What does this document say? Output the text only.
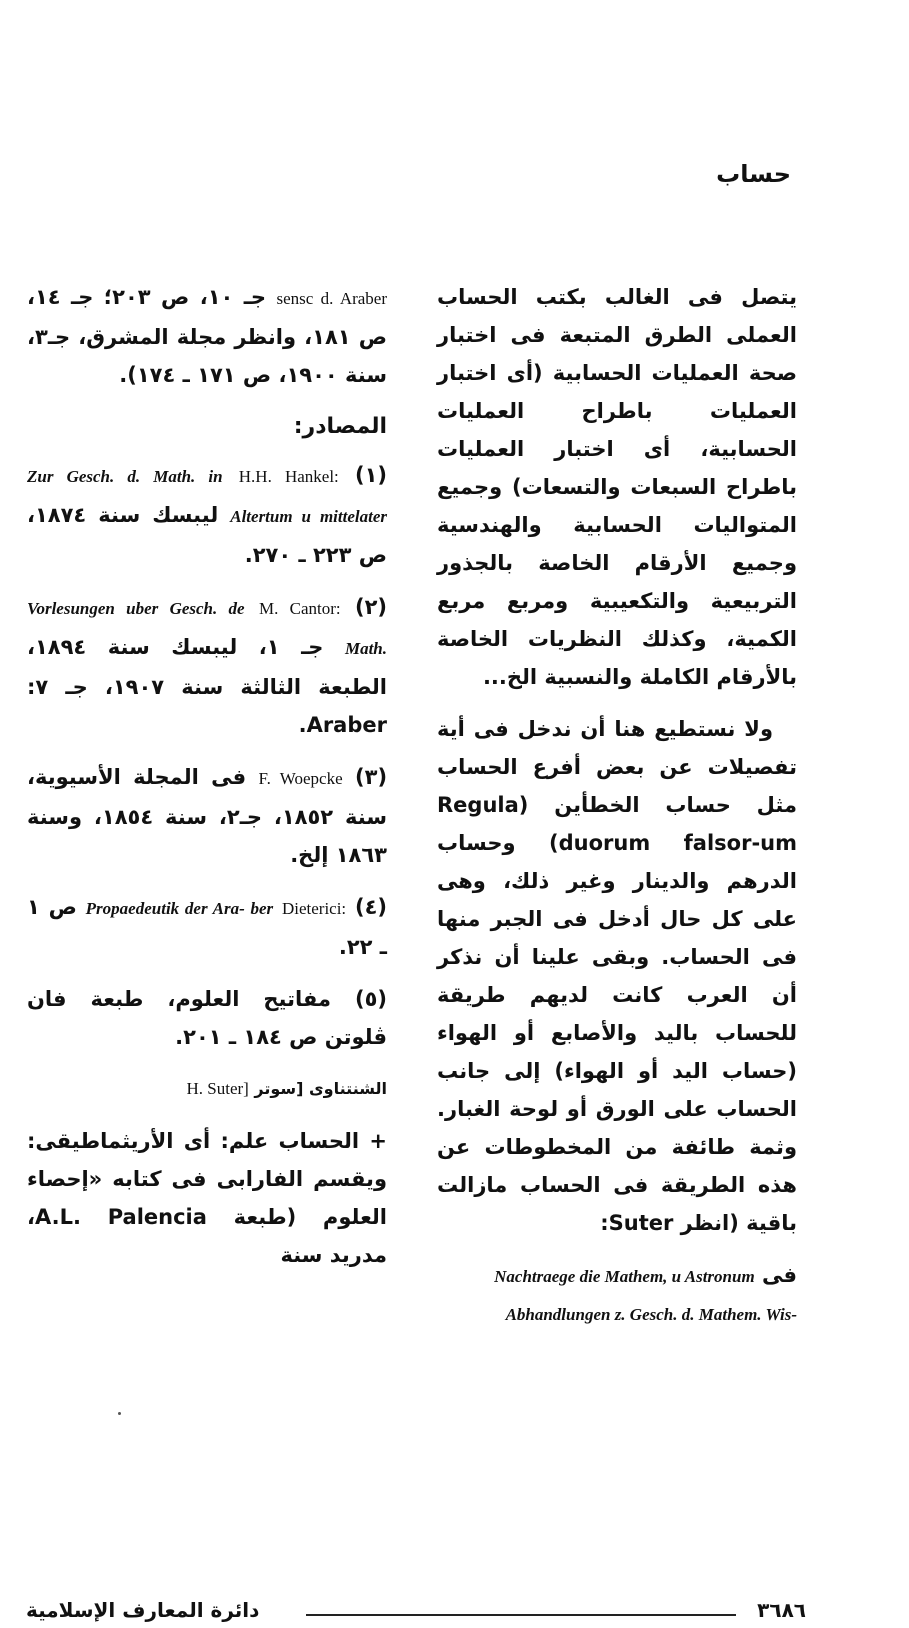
حساب

يتصل فى الغالب بكتب الحساب العملى الطرق المتبعة فى اختبار صحة العمليات الحسابية (أى اختبار العمليات باطراح العمليات الحسابية، أى اختبار العمليات باطراح السبعات والتسعات) وجميع المتواليات الحسابية والهندسية وجميع الأرقام الخاصة بالجذور التربيعية والتكعيبية ومربع مربع الكمية، وكذلك النظريات الخاصة بالأرقام الكاملة والنسبية الخ...

ولا نستطيع هنا أن ندخل فى أية تفصيلات عن بعض أفرع الحساب مثل حساب الخطأين (Regula duorum falsor-um) وحساب الدرهم والدينار وغير ذلك، وهى على كل حال أدخل فى الجبر منها فى الحساب. وبقى علينا أن نذكر أن العرب كانت لديهم طريقة للحساب باليد والأصابع أو الهواء (حساب اليد أو الهواء) إلى جانب الحساب على الورق أو لوحة الغبار. وثمة طائفة من المخطوطات عن هذه الطريقة فى الحساب مازالت باقية (انظر Suter:

فى Nachtraege die Mathem, u Astronum
Abhandlungen z. Gesch. d. Mathem. Wis-

sensc d. Araber جـ ١٠، ص ٢٠٣؛ جـ ١٤، ص ١٨١، وانظر مجلة المشرق، جـ٣، سنة ١٩٠٠، ص ١٧١ ـ ١٧٤).

المصادر:
(١) H.H. Hankel: Zur Gesch. d. Math. in Altertum u mittelater ليبسك سنة ١٨٧٤، ص ٢٢٣ ـ ٢٧٠.
(٢) M. Cantor: Vorlesungen uber Gesch. de Math. جـ ١، ليبسك سنة ١٨٩٤، الطبعة الثالثة سنة ١٩٠٧، جـ ٧: Araber.
(٣) F. Woepcke فى المجلة الأسيوية، سنة ١٨٥٢، جـ٢، سنة ١٨٥٤، وسنة ١٨٦٣ إلخ.
(٤) Dieterici: Propaedeutik der Ara- ber ص ١ ـ ٢٢.
(٥) مفاتيح العلوم، طبعة فان ڤلوتن ص ١٨٤ ـ ٢٠١.
الشنتناوى [سوتر H. Suter]

+ الحساب علم: أى الأريثماطيقى: ويقسم الفارابى فى كتابه «إحصاء العلوم (طبعة A.L. Palencia، مدريد سنة

٣٦٨٦
دائرة المعارف الإسلامية
